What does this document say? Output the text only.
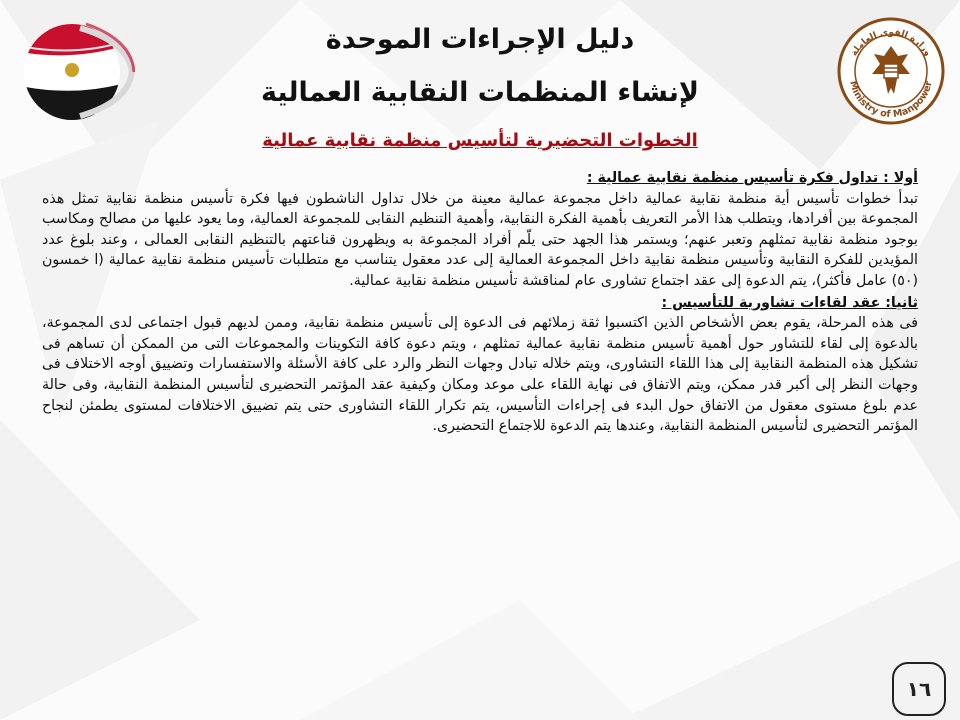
Ministry of Manpower
وزارة القوى العاملة
دليل الإجراءات الموحدة
لإنشاء المنظمات النقابية العمالية
الخطوات التحضيرية لتأسيس منظمة نقابية عمالية
أولا : تداول فكرة تأسيس منظمة نقابية عمالية :

تبدأ خطوات تأسيس أية منظمة نقابية عمالية داخل مجموعة عمالية معينة من خلال تداول الناشطون فيها فكرة تأسيس منظمة نقابية تمثل هذه المجموعة بين أفرادها، ويتطلب هذا الأمر التعريف بأهمية الفكرة النقابية، وأهمية التنظيم النقابى للمجموعة العمالية، وما يعود عليها من مصالح ومكاسب بوجود منظمة نقابية تمثلهم وتعبر عنهم؛ ويستمر هذا الجهد حتى يلّم أفراد المجموعة به ويظهرون قناعتهم بالتنظيم النقابى العمالى ، وعند بلوغ عدد المؤيدين للفكرة النقابية وتأسيس منظمة نقابية داخل المجموعة العمالية إلى عدد معقول يتناسب مع متطلبات تأسيس منظمة نقابية عمالية (ا خمسون (٥٠) عامل فأكثر)، يتم الدعوة إلى عقد اجتماع تشاورى عام لمناقشة تأسيس منظمة نقابية عمالية.

ثانيا: عقد لقاءات تشاورية للتأسيس :

فى هذه المرحلة، يقوم بعض الأشخاص الذين اكتسبوا ثقة زملائهم فى الدعوة إلى تأسيس منظمة نقابية، وممن لديهم قبول اجتماعى لدى المجموعة، بالدعوة إلى لقاء للتشاور حول أهمية تأسيس منظمة نقابية عمالية تمثلهم ، ويتم دعوة كافة التكوينات والمجموعات التى من الممكن أن تساهم فى تشكيل هذه المنظمة النقابية إلى هذا اللقاء التشاورى، ويتم خلاله تبادل وجهات النظر والرد على كافة الأسئلة والاستفسارات وتضييق أوجه الاختلاف فى وجهات النظر إلى أكبر قدر ممكن، ويتم الاتفاق فى نهاية اللقاء على موعد ومكان وكيفية عقد المؤتمر التحضيرى لتأسيس المنظمة النقابية، وفى حالة عدم بلوغ مستوى معقول من الاتفاق حول البدء فى إجراءات التأسيس، يتم تكرار اللقاء التشاورى حتى يتم تضييق الاختلافات لمستوى يطمئن لنجاح المؤتمر التحضيرى لتأسيس المنظمة النقابية، وعندها يتم الدعوة للاجتماع التحضيرى.

١٦
